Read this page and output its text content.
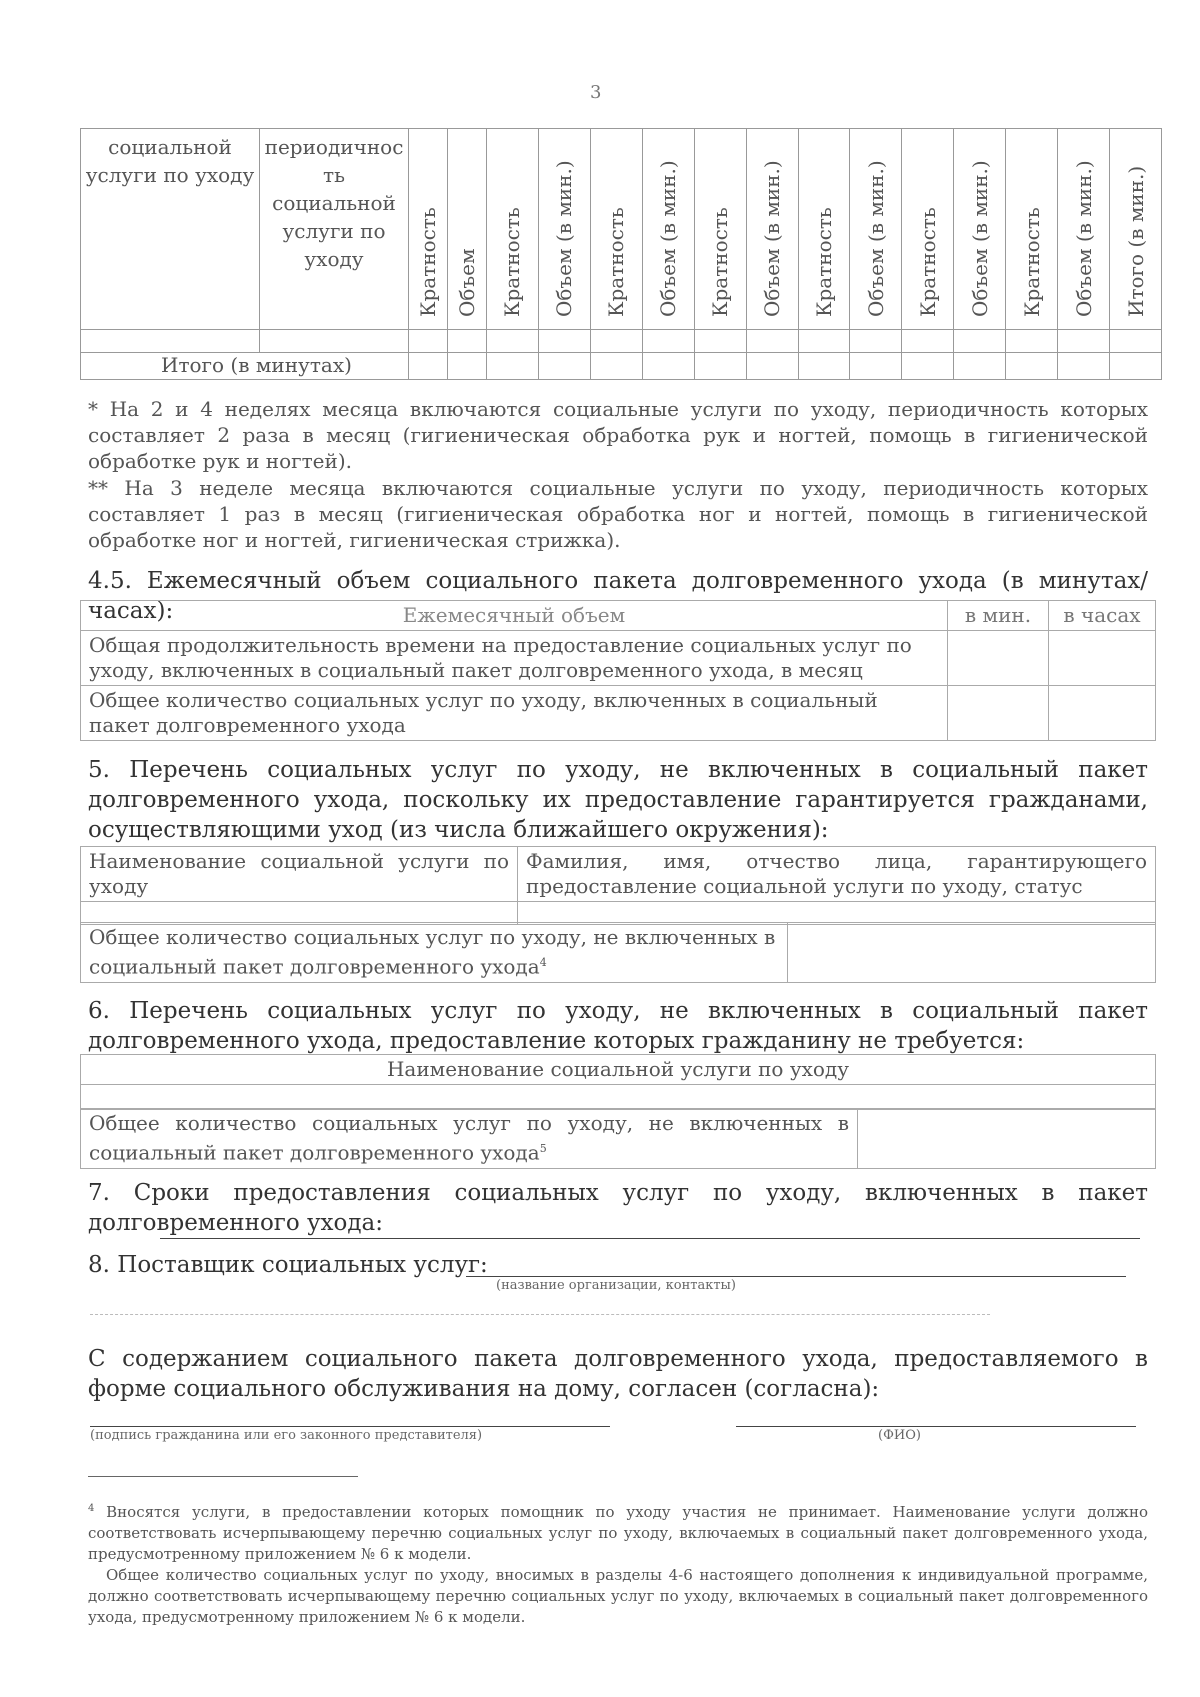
3
социальной услуги по уходу	периодичнос ть социальной услуги по уходу	Кратность	Объем	Кратность	Объем (в мин.)	Кратность	Объем (в мин.)	Кратность	Объем (в мин.)	Кратность	Объем (в мин.)	Кратность	Объем (в мин.)	Кратность	Объем (в мин.)	Итого (в мин.)

Итого (в минутах)																
* На 2 и 4 неделях месяца включаются социальные услуги по уходу, периодичность которых составляет 2 раза в месяц (гигиеническая обработка рук и ногтей, помощь в гигиенической обработке рук и ногтей).
** На 3 неделе месяца включаются социальные услуги по уходу, периодичность которых составляет 1 раз в месяц (гигиеническая обработка ног и ногтей, помощь в гигиенической обработке ног и ногтей, гигиеническая стрижка).
4.5. Ежемесячный объем социального пакета долговременного ухода (в минутах/часах):	Ежемесячный объем	в мин.	в часах
Общая продолжительность времени на предоставление социальных услуг по уходу, включенных в социальный пакет долговременного ухода, в месяц		
Общее количество социальных услуг по уходу, включенных в социальный пакет долговременного ухода		
5. Перечень социальных услуг по уходу, не включенных в социальный пакет долговременного ухода, поскольку их предоставление гарантируется гражданами, осуществляющими уход (из числа ближайшего окружения):
Наименование социальной услуги по уходу	Фамилия, имя, отчество лица, гарантирующего предоставление социальной услуги по уходу, статус

Общее количество социальных услуг по уходу, не включенных в социальный пакет долговременного ухода$^4$	
6. Перечень социальных услуг по уходу, не включенных в социальный пакет долговременного ухода, предоставление которых гражданину не требуется:
Наименование социальной услуги по уходу

Общее количество социальных услуг по уходу, не включенных в социальный пакет долговременного ухода$^5$	
7. Сроки предоставления социальных услуг по уходу, включенных в пакет долговременного ухода:
8. Поставщик социальных услуг:
(название организации, контакты)
С содержанием социального пакета долговременного ухода, предоставляемого в форме социального обслуживания на дому, согласен (согласна):
(подпись гражданина или его законного представителя)	(ФИО)
$^4$ Вносятся услуги, в предоставлении которых помощник по уходу участия не принимает. Наименование услуги должно соответствовать исчерпывающему перечню социальных услуг по уходу, включаемых в социальный пакет долговременного ухода, предусмотренному приложением № 6 к модели.
Общее количество социальных услуг по уходу, вносимых в разделы 4-6 настоящего дополнения к индивидуальной программе, должно соответствовать исчерпывающему перечню социальных услуг по уходу, включаемых в социальный пакет долговременного ухода, предусмотренному приложением № 6 к модели.
